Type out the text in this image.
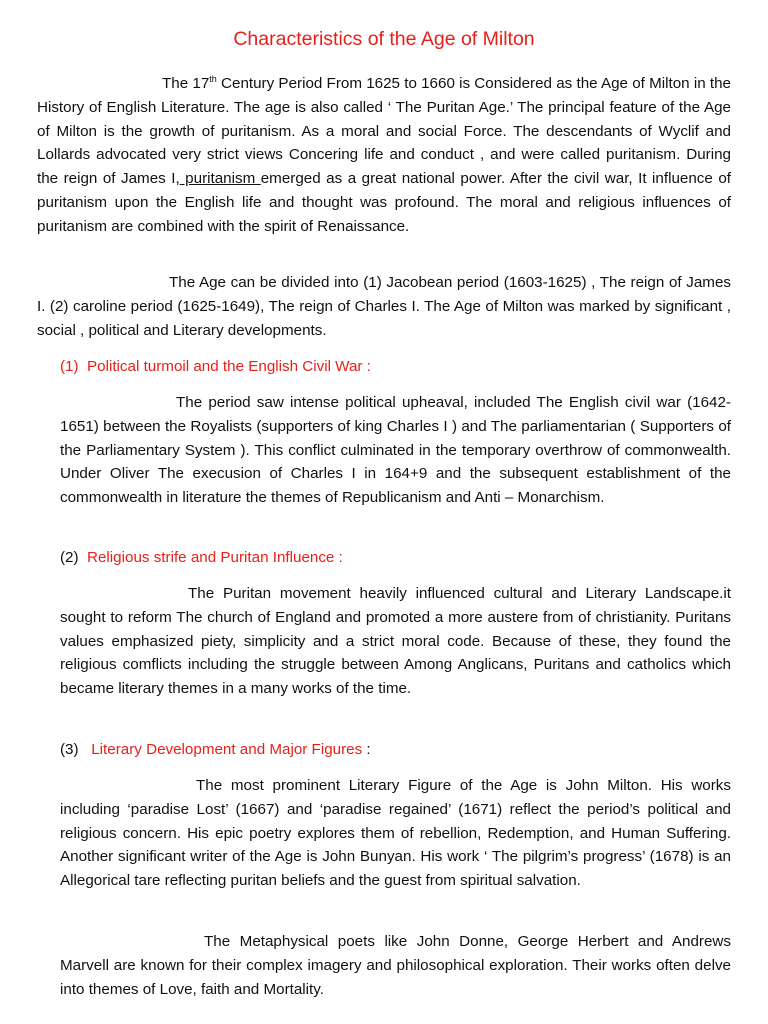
Characteristics of the Age of Milton

The 17th Century Period From 1625 to 1660 is Considered as the Age of Milton in the History of English Literature. The age is also called ‘ The Puritan Age.’ The principal feature of the Age of Milton is the growth of puritanism. As a moral and social Force. The descendants of Wyclif and Lollards advocated very strict views Concering life and conduct , and were called puritanism. During the reign of James I, puritanism emerged as a great national power. After the civil war, It influence of puritanism upon the English life and thought was profound. The moral and religious influences of puritanism are combined with the spirit of Renaissance.

The Age can be divided into (1) Jacobean period (1603-1625) , The reign of James I. (2) caroline period (1625-1649), The reign of Charles I. The Age of Milton was marked by significant , social , political and Literary developments.

(1) Political turmoil and the English Civil War :

The period saw intense political upheaval, included The English civil war (1642-1651) between the Royalists (supporters of king Charles I ) and The parliamentarian ( Supporters of the Parliamentary System ). This conflict culminated in the temporary overthrow of commonwealth. Under Oliver The execusion of Charles I in 164+9 and the subsequent establishment of the commonwealth in literature the themes of Republicanism and Anti – Monarchism.

(2) Religious strife and Puritan Influence :

The Puritan movement heavily influenced cultural and Literary Landscape.it sought to reform The church of England and promoted a more austere from of christianity. Puritans values emphasized piety, simplicity and a strict moral code. Because of these, they found the religious comflicts including the struggle between Among Anglicans, Puritans and catholics which became literary themes in a many works of the time.

(3) Literary Development and Major Figures :

The most prominent Literary Figure of the Age is John Milton. His works including ‘paradise Lost’ (1667) and ‘paradise regained’ (1671) reflect the period’s political and religious concern. His epic poetry explores them of rebellion, Redemption, and Human Suffering. Another significant writer of the Age is John Bunyan. His work ‘ The pilgrim’s progress’ (1678) is an Allegorical tare reflecting puritan beliefs and the guest from spiritual salvation.

The Metaphysical poets like John Donne, George Herbert and Andrews Marvell are known for their complex imagery and philosophical exploration. Their works often delve into themes of Love, faith and Mortality.
